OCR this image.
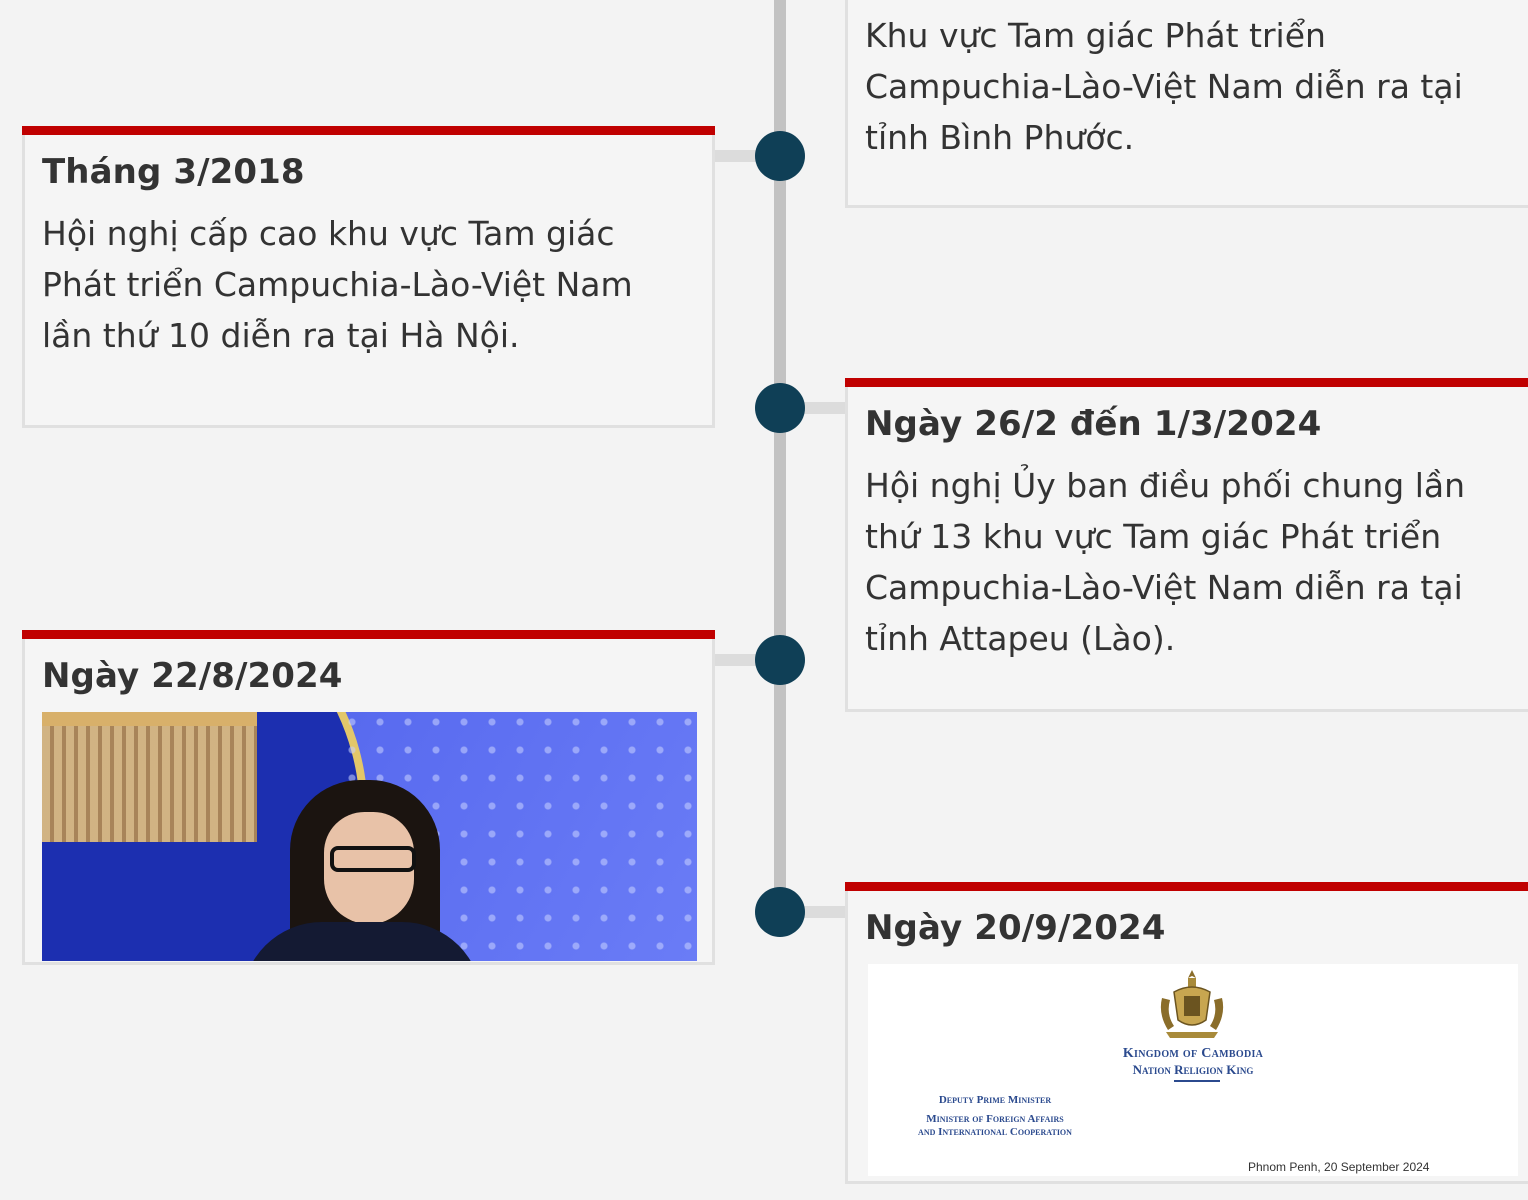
Khu vực Tam giác Phát triển Campuchia-Lào-Việt Nam diễn ra tại tỉnh Bình Phước.
Tháng 3/2018
Hội nghị cấp cao khu vực Tam giác Phát triển Campuchia-Lào-Việt Nam lần thứ 10 diễn ra tại Hà Nội.
Ngày 26/2 đến 1/3/2024
Hội nghị Ủy ban điều phối chung lần thứ 13 khu vực Tam giác Phát triển Campuchia-Lào-Việt Nam diễn ra tại tỉnh Attapeu (Lào).
Ngày 22/8/2024
Ngày 20/9/2024
Kingdom of Cambodia
Nation Religion King
Deputy Prime Minister
Minister of Foreign Affairs
and International Cooperation
Phnom Penh, 20 September 2024
